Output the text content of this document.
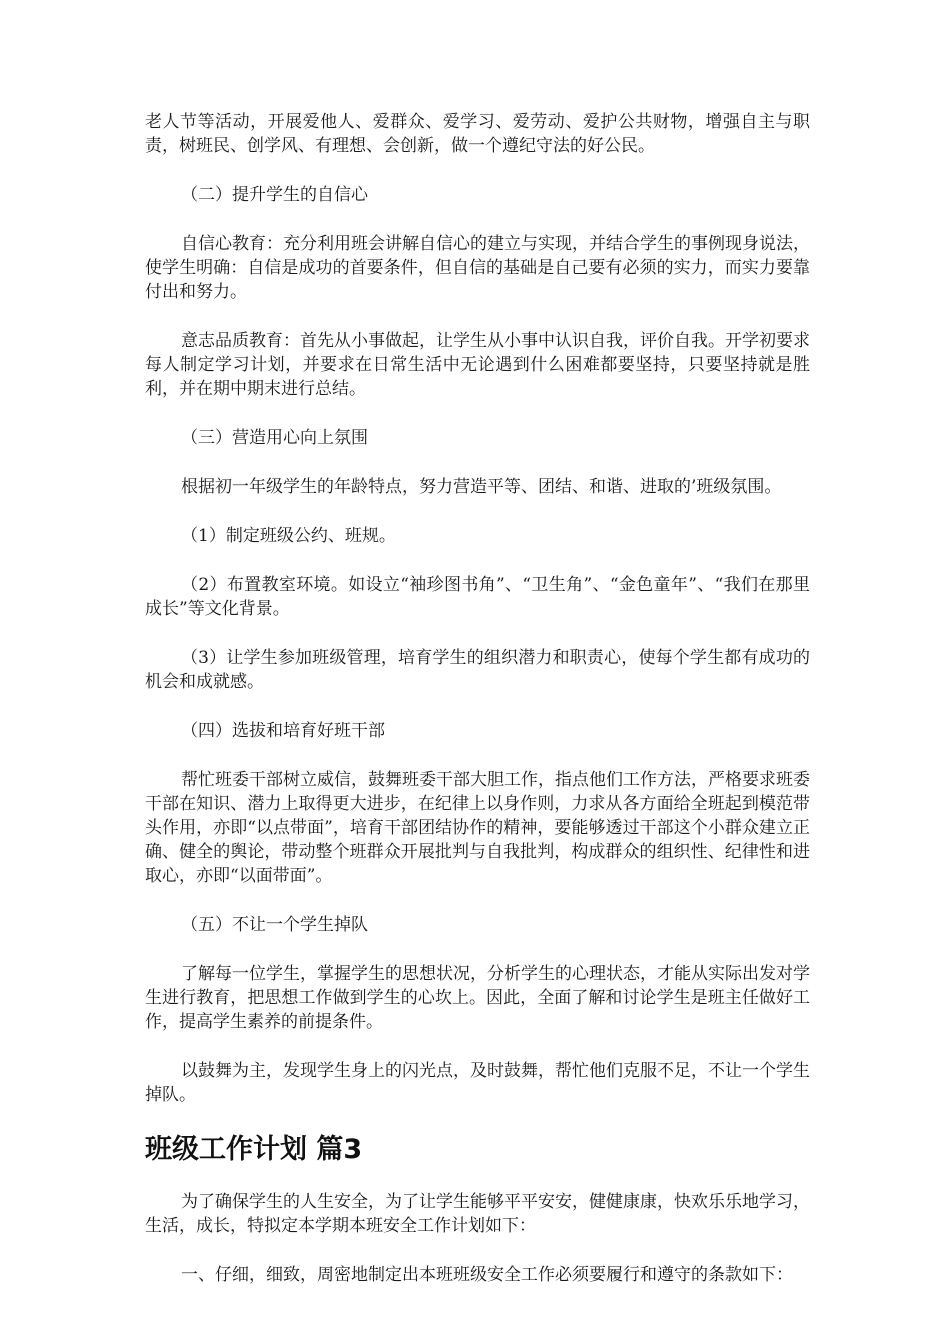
老人节等活动，开展爱他人、爱群众、爱学习、爱劳动、爱护公共财物，增强自主与职责，树班民、创学风、有理想、会创新，做一个遵纪守法的好公民。

（二）提升学生的自信心

自信心教育：充分利用班会讲解自信心的建立与实现，并结合学生的事例现身说法，使学生明确：自信是成功的首要条件，但自信的基础是自己要有必须的实力，而实力要靠付出和努力。

意志品质教育：首先从小事做起，让学生从小事中认识自我，评价自我。开学初要求每人制定学习计划，并要求在日常生活中无论遇到什么困难都要坚持，只要坚持就是胜利，并在期中期末进行总结。

（三）营造用心向上氛围

根据初一年级学生的年龄特点，努力营造平等、团结、和谐、进取的’班级氛围。

（1）制定班级公约、班规。

（2）布置教室环境。如设立“袖珍图书角”、“卫生角”、“金色童年”、“我们在那里成长”等文化背景。

（3）让学生参加班级管理，培育学生的组织潜力和职责心，使每个学生都有成功的机会和成就感。

（四）选拔和培育好班干部

帮忙班委干部树立威信，鼓舞班委干部大胆工作，指点他们工作方法，严格要求班委干部在知识、潜力上取得更大进步，在纪律上以身作则，力求从各方面给全班起到模范带头作用，亦即“以点带面”，培育干部团结协作的精神，要能够透过干部这个小群众建立正确、健全的舆论，带动整个班群众开展批判与自我批判，构成群众的组织性、纪律性和进取心，亦即“以面带面”。

（五）不让一个学生掉队

了解每一位学生，掌握学生的思想状况，分析学生的心理状态，才能从实际出发对学生进行教育，把思想工作做到学生的心坎上。因此，全面了解和讨论学生是班主任做好工作，提高学生素养的前提条件。

以鼓舞为主，发现学生身上的闪光点，及时鼓舞，帮忙他们克服不足，不让一个学生掉队。

班级工作计划 篇3

为了确保学生的人生安全，为了让学生能够平平安安，健健康康，快欢乐乐地学习，生活，成长，特拟定本学期本班安全工作计划如下：

一、仔细，细致，周密地制定出本班班级安全工作必须要履行和遵守的条款如下：
